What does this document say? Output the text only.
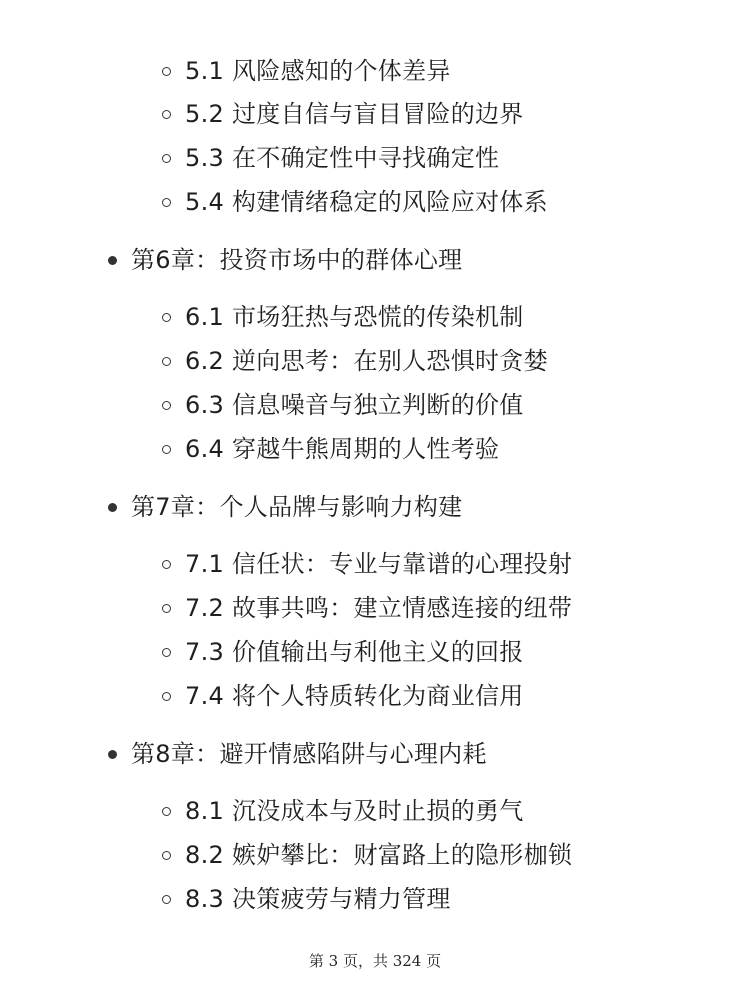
5.1 风险感知的个体差异
5.2 过度自信与盲目冒险的边界
5.3 在不确定性中寻找确定性
5.4 构建情绪稳定的风险应对体系
第6章：投资市场中的群体心理
6.1 市场狂热与恐慌的传染机制
6.2 逆向思考：在别人恐惧时贪婪
6.3 信息噪音与独立判断的价值
6.4 穿越牛熊周期的人性考验
第7章：个人品牌与影响力构建
7.1 信任状：专业与靠谱的心理投射
7.2 故事共鸣：建立情感连接的纽带
7.3 价值输出与利他主义的回报
7.4 将个人特质转化为商业信用
第8章：避开情感陷阱与心理内耗
8.1 沉没成本与及时止损的勇气
8.2 嫉妒攀比：财富路上的隐形枷锁
8.3 决策疲劳与精力管理
第 3 页，共 324 页
